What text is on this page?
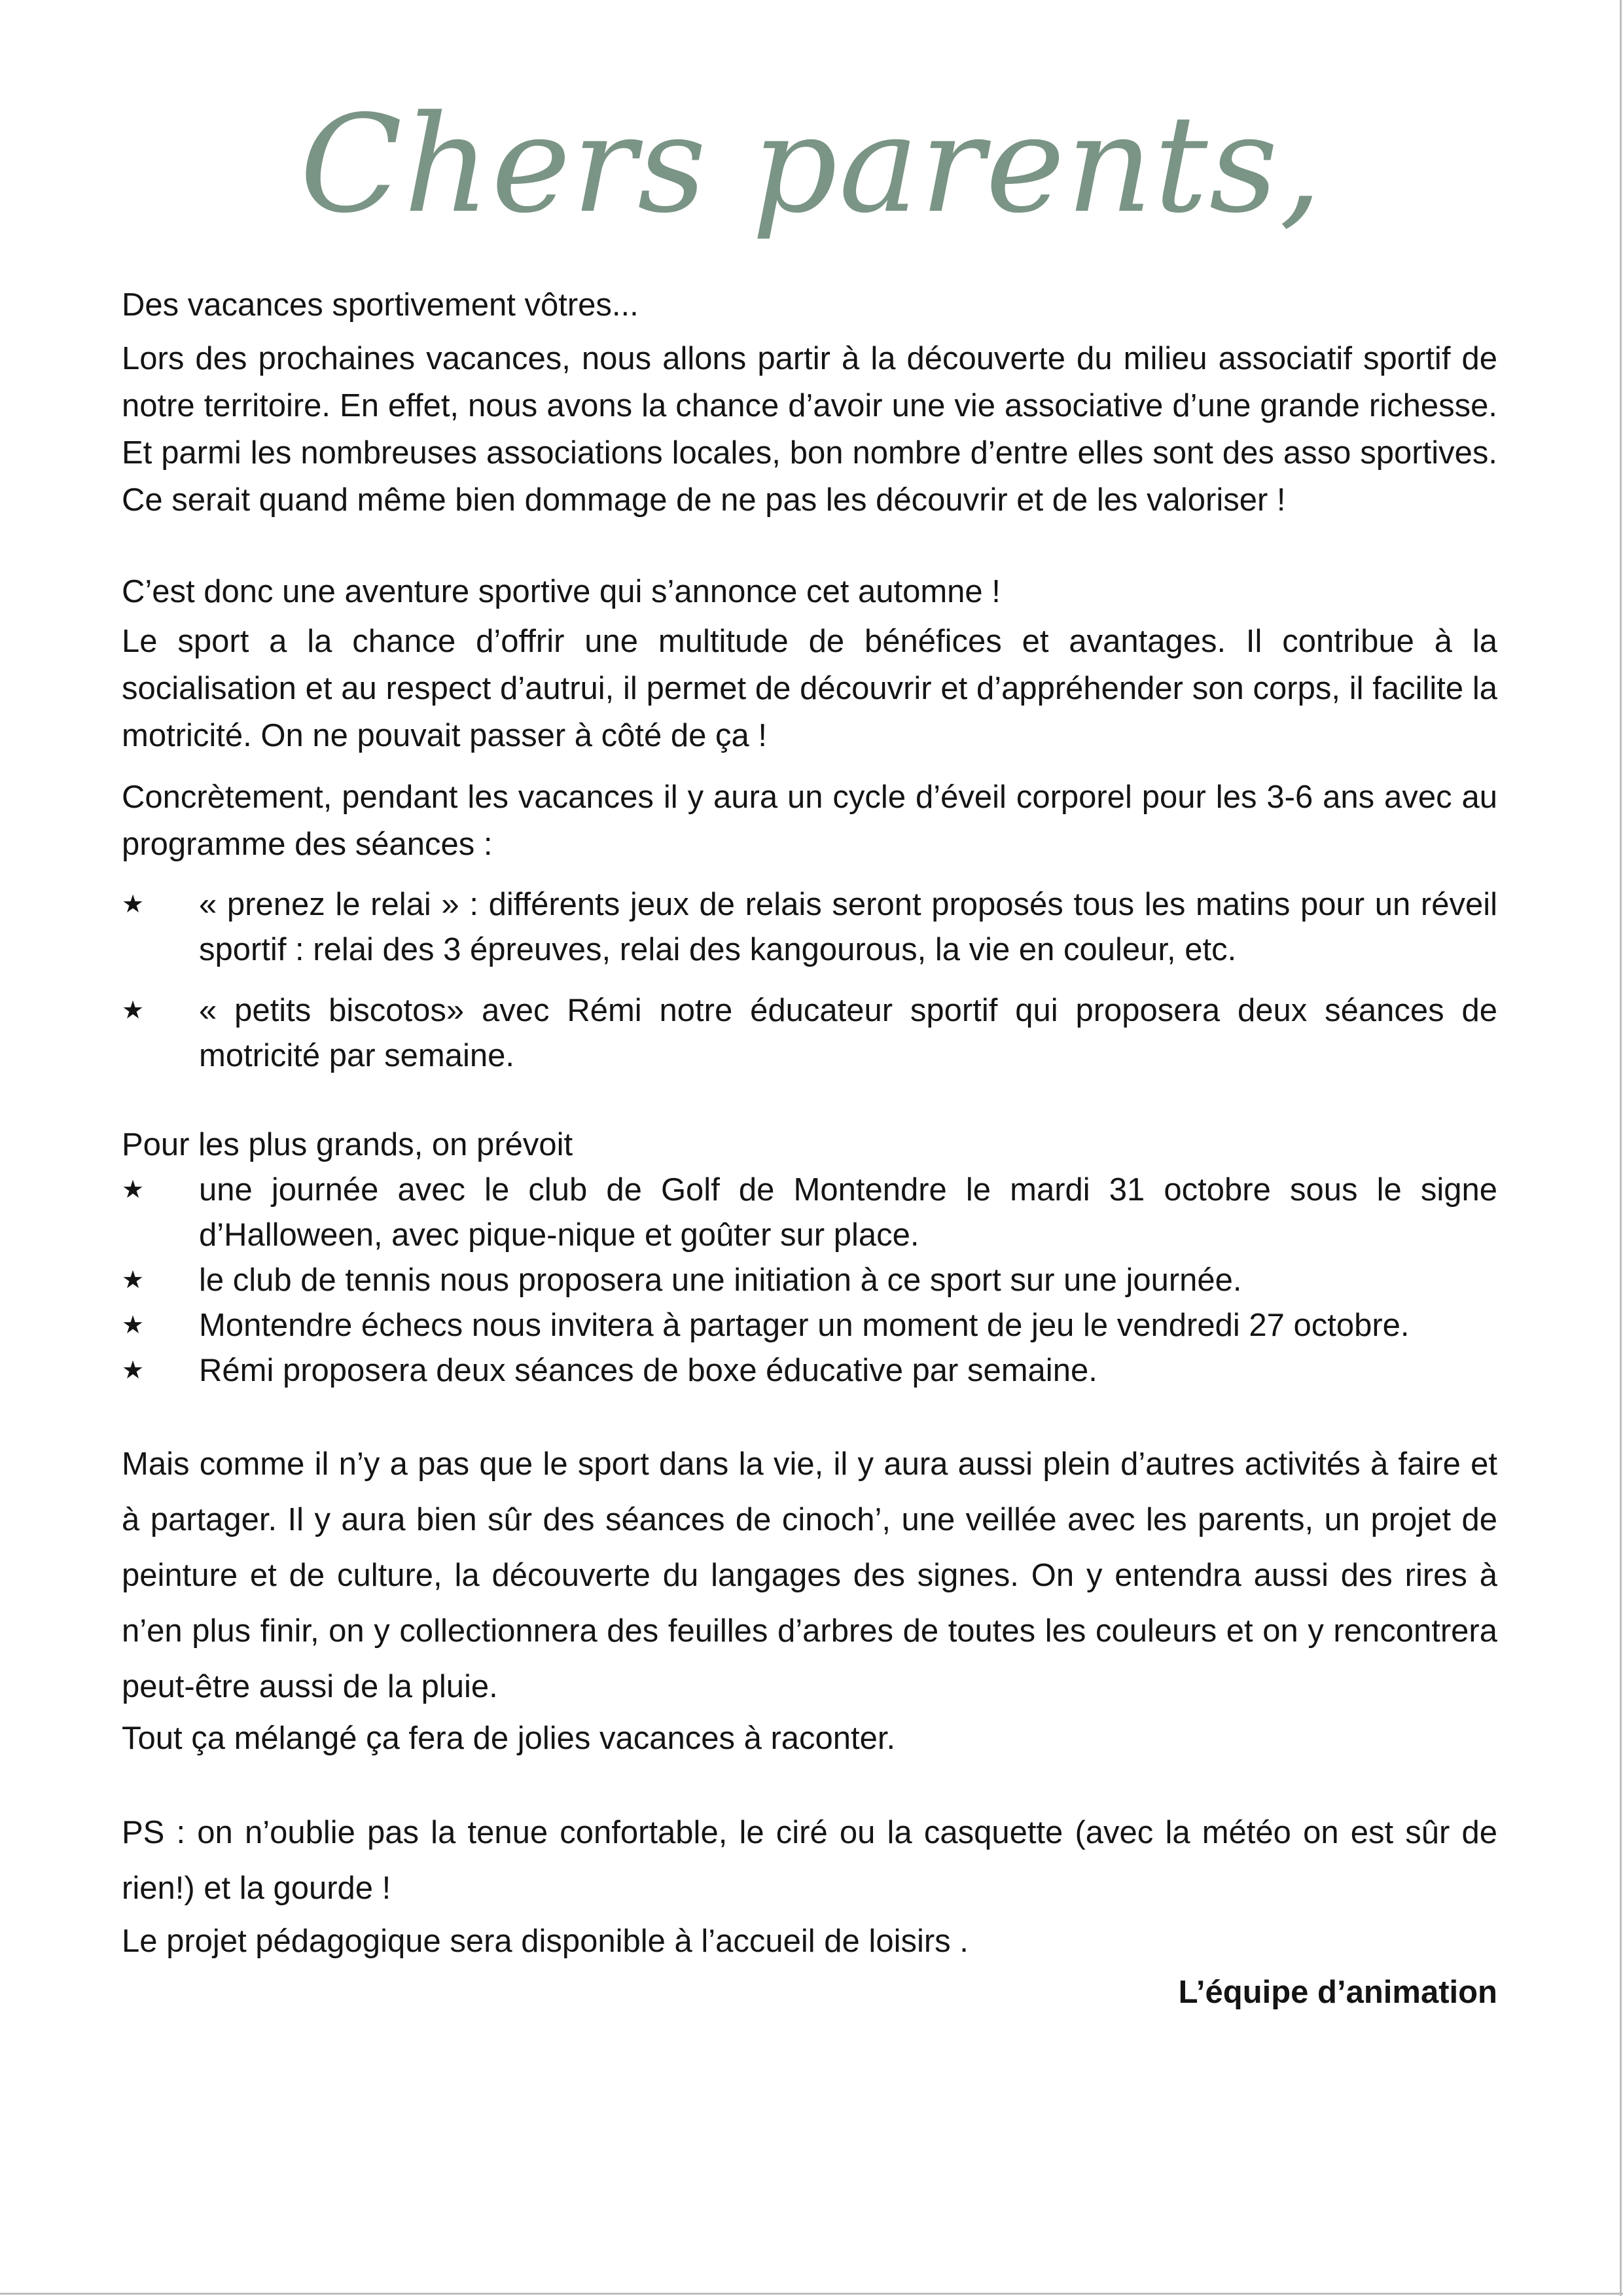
Chers parents,

Des vacances sportivement vôtres...

Lors des prochaines vacances, nous allons partir à la découverte du milieu associatif sportif de notre territoire. En effet, nous avons la chance d’avoir une vie associative d’une grande richesse. Et parmi les nombreuses associations locales, bon nombre d’entre elles sont des asso sportives. Ce serait quand même bien dommage de ne pas les découvrir et de les valoriser !

C’est donc une aventure sportive qui s’annonce cet automne !

Le sport a la chance d’offrir une multitude de bénéfices et avantages. Il contribue à la socialisation et au respect d’autrui, il permet de découvrir et d’appréhender son corps, il facilite la motricité. On ne pouvait passer à côté de ça !

Concrètement, pendant les vacances il y aura un cycle d’éveil corporel pour les 3-6 ans avec au programme des séances :

★ « prenez le relai » : différents jeux de relais seront proposés tous les matins pour un réveil sportif : relai des 3 épreuves, relai des kangourous, la vie en couleur, etc.
★ « petits biscotos» avec Rémi notre éducateur sportif qui proposera deux séances de motricité par semaine.

Pour les plus grands, on prévoit

★ une journée avec le club de Golf de Montendre le mardi 31 octobre sous le signe d’Halloween, avec pique-nique et goûter sur place.
★ le club de tennis nous proposera une initiation à ce sport sur une journée.
★ Montendre échecs nous invitera à partager un moment de jeu le vendredi 27 octobre.
★ Rémi proposera deux séances de boxe éducative par semaine.

Mais comme il n’y a pas que le sport dans la vie, il y aura aussi plein d’autres activités à faire et à partager. Il y aura bien sûr des séances de cinoch’, une veillée avec les parents, un projet de peinture et de culture, la découverte du langages des signes. On y entendra aussi des rires à n’en plus finir, on y collectionnera des feuilles d’arbres de toutes les couleurs et on y rencontrera peut-être aussi de la pluie.

Tout ça mélangé ça fera de jolies vacances à raconter.

PS : on n’oublie pas la tenue confortable, le ciré ou la casquette (avec la météo on est sûr de rien!) et la gourde !

Le projet pédagogique sera disponible à l’accueil de loisirs .

L’équipe d’animation
